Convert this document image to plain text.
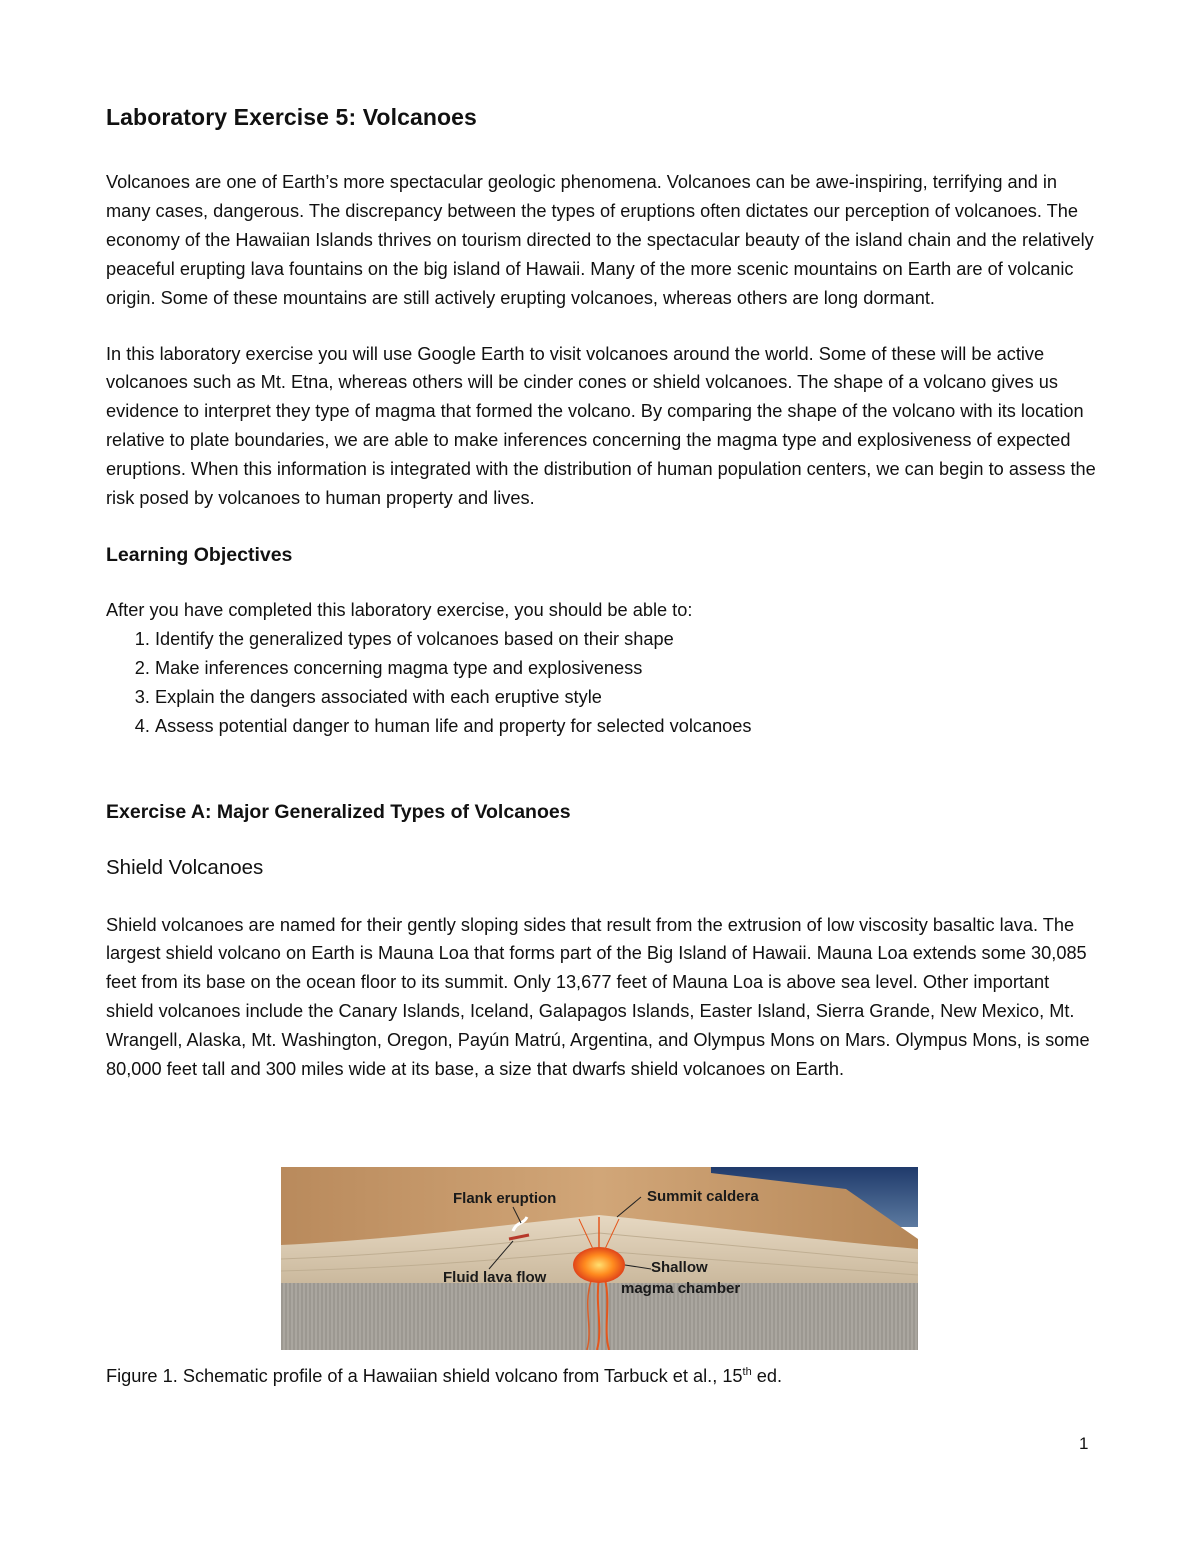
Laboratory Exercise 5: Volcanoes

Volcanoes are one of Earth’s more spectacular geologic phenomena. Volcanoes can be awe-inspiring, terrifying and in many cases, dangerous. The discrepancy between the types of eruptions often dictates our perception of volcanoes. The economy of the Hawaiian Islands thrives on tourism directed to the spectacular beauty of the island chain and the relatively peaceful erupting lava fountains on the big island of Hawaii. Many of the more scenic mountains on Earth are of volcanic origin. Some of these mountains are still actively erupting volcanoes, whereas others are long dormant.

In this laboratory exercise you will use Google Earth to visit volcanoes around the world. Some of these will be active volcanoes such as Mt. Etna, whereas others will be cinder cones or shield volcanoes. The shape of a volcano gives us evidence to interpret they type of magma that formed the volcano. By comparing the shape of the volcano with its location relative to plate boundaries, we are able to make inferences concerning the magma type and explosiveness of expected eruptions. When this information is integrated with the distribution of human population centers, we can begin to assess the risk posed by volcanoes to human property and lives.

Learning Objectives

After you have completed this laboratory exercise, you should be able to:

1. Identify the generalized types of volcanoes based on their shape
2. Make inferences concerning magma type and explosiveness
3. Explain the dangers associated with each eruptive style
4. Assess potential danger to human life and property for selected volcanoes
Exercise A: Major Generalized Types of Volcanoes
Shield Volcanoes

Shield volcanoes are named for their gently sloping sides that result from the extrusion of low viscosity basaltic lava. The largest shield volcano on Earth is Mauna Loa that forms part of the Big Island of Hawaii. Mauna Loa extends some 30,085 feet from its base on the ocean floor to its summit. Only 13,677 feet of Mauna Loa is above sea level. Other important shield volcanoes include the Canary Islands, Iceland, Galapagos Islands, Easter Island, Sierra Grande, New Mexico, Mt. Wrangell, Alaska, Mt. Washington, Oregon, Payún Matrú, Argentina, and Olympus Mons on Mars. Olympus Mons, is some 80,000 feet tall and 300 miles wide at its base, a size that dwarfs shield volcanoes on Earth.

Flank eruption	Summit caldera
Fluid lava flow
Shallow
magma chamber

Figure 1. Schematic profile of a Hawaiian shield volcano from Tarbuck et al., 15th ed.

1
